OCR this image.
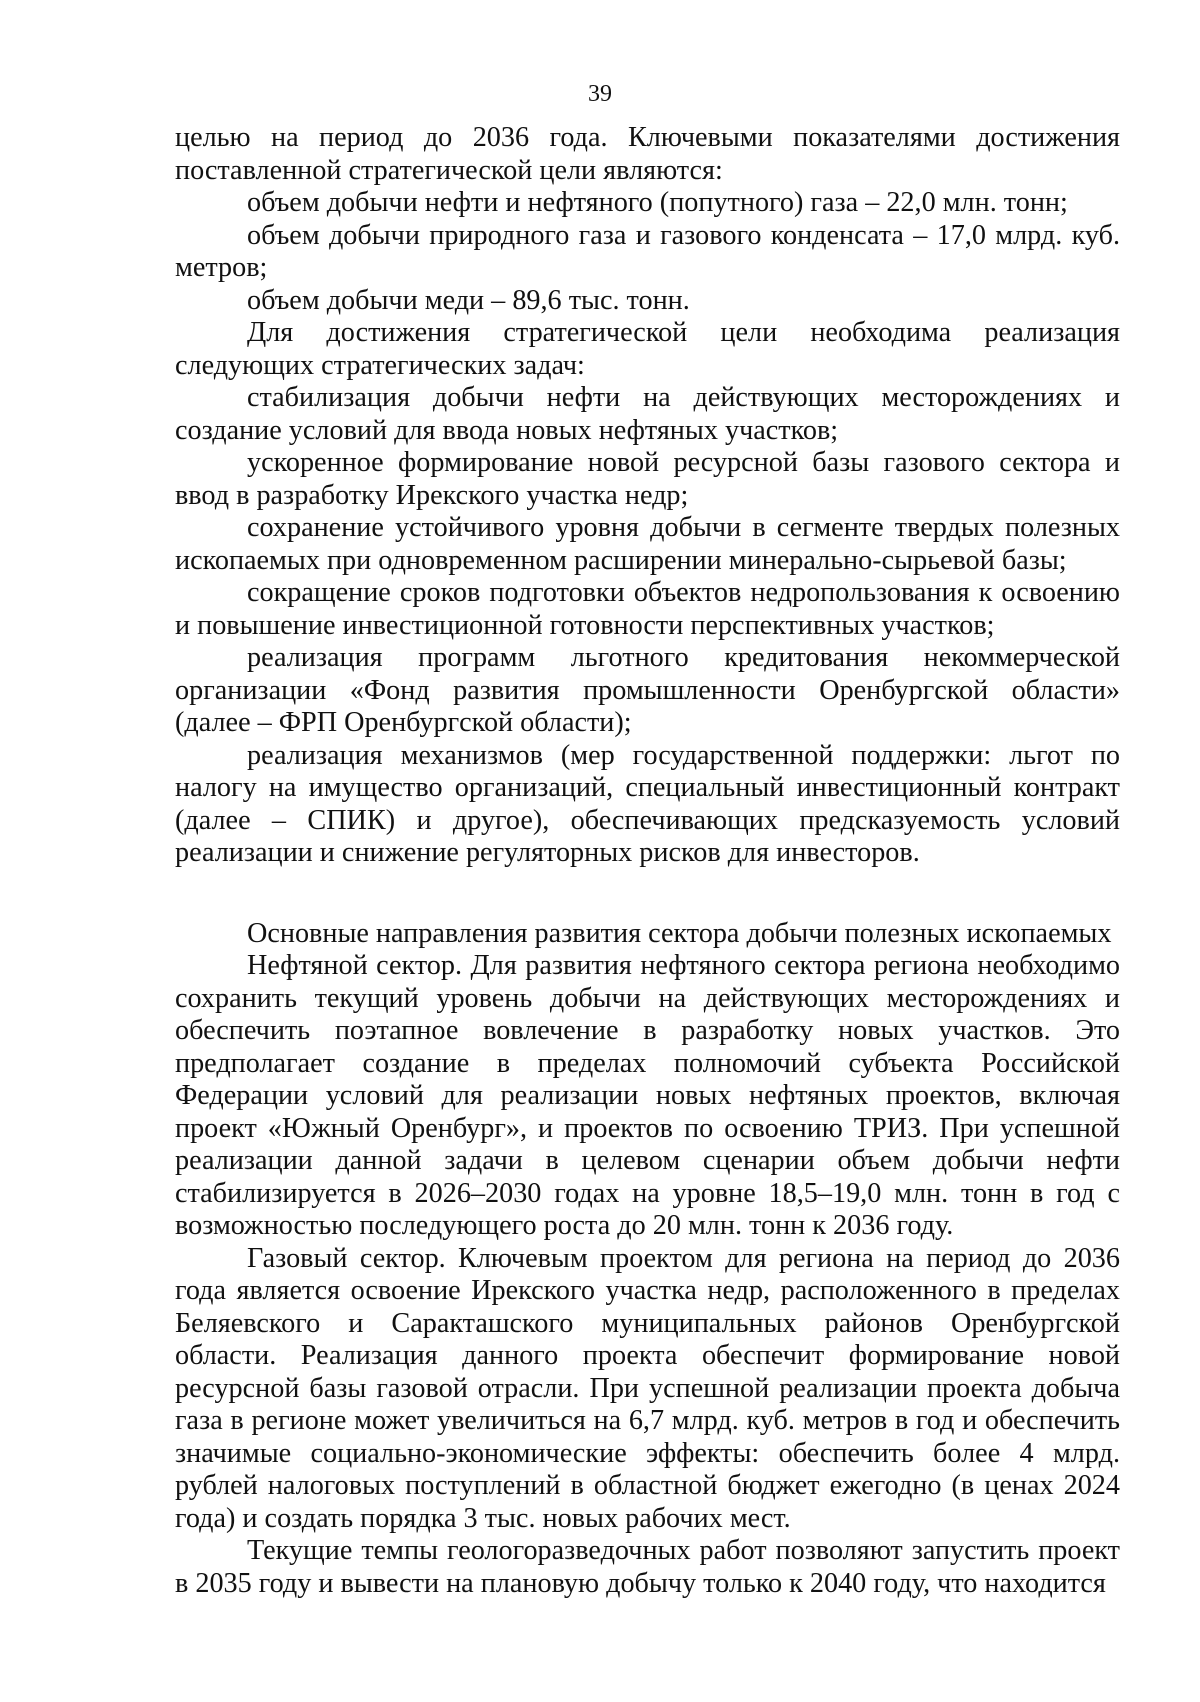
39

целью на период до 2036 года. Ключевыми показателями достижения поставленной стратегической цели являются:

объем добычи нефти и нефтяного (попутного) газа – 22,0 млн. тонн;

объем добычи природного газа и газового конденсата – 17,0 млрд. куб. метров;

объем добычи меди – 89,6 тыс. тонн.

Для достижения стратегической цели необходима реализация следующих стратегических задач:

стабилизация добычи нефти на действующих месторождениях и создание условий для ввода новых нефтяных участков;

ускоренное формирование новой ресурсной базы газового сектора и ввод в разработку Ирекского участка недр;

сохранение устойчивого уровня добычи в сегменте твердых полезных ископаемых при одновременном расширении минерально-сырьевой базы;

сокращение сроков подготовки объектов недропользования к освоению и повышение инвестиционной готовности перспективных участков;

реализация программ льготного кредитования некоммерческой организации «Фонд развития промышленности Оренбургской области» (далее – ФРП Оренбургской области);

реализация механизмов (мер государственной поддержки: льгот по налогу на имущество организаций, специальный инвестиционный контракт (далее – СПИК) и другое), обеспечивающих предсказуемость условий реализации и снижение регуляторных рисков для инвесторов.

Основные направления развития сектора добычи полезных ископаемых

Нефтяной сектор. Для развития нефтяного сектора региона необходимо сохранить текущий уровень добычи на действующих месторождениях и обеспечить поэтапное вовлечение в разработку новых участков. Это предполагает создание в пределах полномочий субъекта Российской Федерации условий для реализации новых нефтяных проектов, включая проект «Южный Оренбург», и проектов по освоению ТРИЗ. При успешной реализации данной задачи в целевом сценарии объем добычи нефти стабилизируется в 2026–2030 годах на уровне 18,5–19,0 млн. тонн в год с возможностью последующего роста до 20 млн. тонн к 2036 году.

Газовый сектор. Ключевым проектом для региона на период до 2036 года является освоение Ирекского участка недр, расположенного в пределах Беляевского и Саракташского муниципальных районов Оренбургской области. Реализация данного проекта обеспечит формирование новой ресурсной базы газовой отрасли. При успешной реализации проекта добыча газа в регионе может увеличиться на 6,7 млрд. куб. метров в год и обеспечить значимые социально-экономические эффекты: обеспечить более 4 млрд. рублей налоговых поступлений в областной бюджет ежегодно (в ценах 2024 года) и создать порядка 3 тыс. новых рабочих мест.

Текущие темпы геологоразведочных работ позволяют запустить проект в 2035 году и вывести на плановую добычу только к 2040 году, что находится
